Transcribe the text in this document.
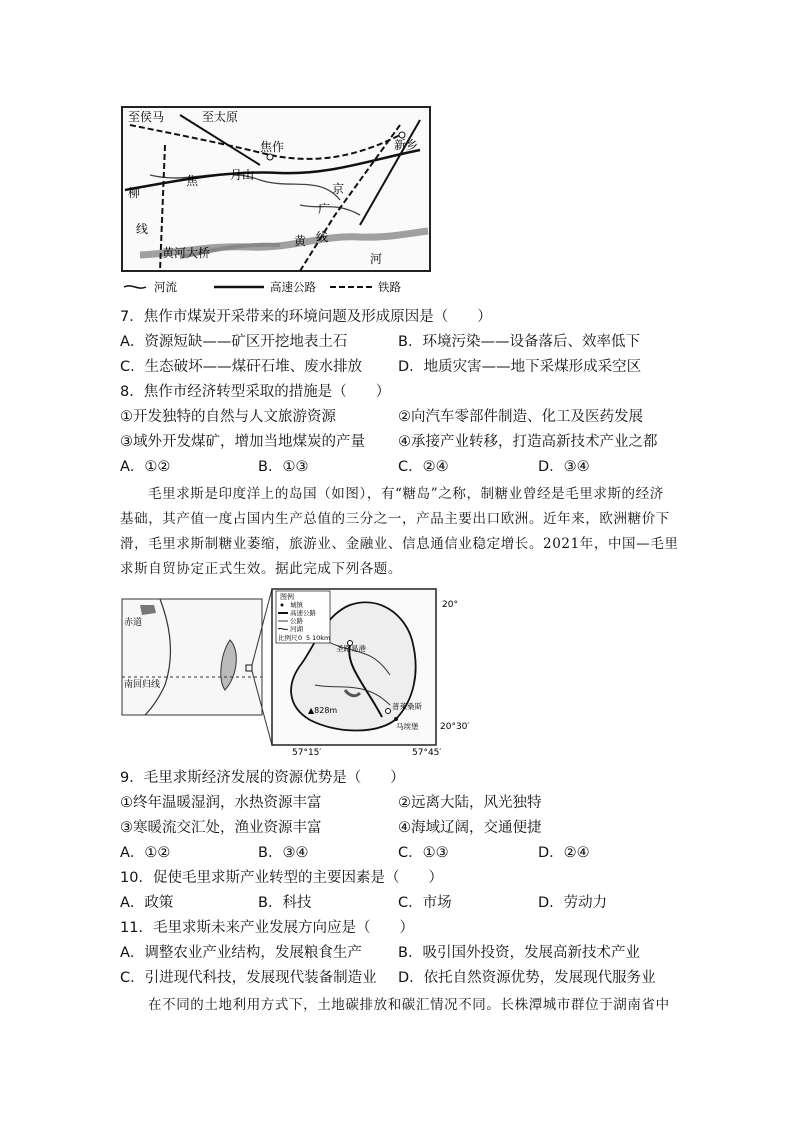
至侯马	至太原
焦作	新乡
焦	月山
柳
线
京
广
线
黄
河
黄河大桥
河流	高速公路	铁路
7．焦作市煤炭开采带来的环境问题及形成原因是（　　）
A．资源短缺——矿区开挖地表土石	B．环境污染——设备落后、效率低下
C．生态破坏——煤矸石堆、废水排放 D．地质灾害——地下采煤形成采空区
8．焦作市经济转型采取的措施是（　　）
①开发独特的自然与人文旅游资源	②向汽车零部件制造、化工及医药发展
③域外开发煤矿，增加当地煤炭的产量 ④承接产业转移，打造高新技术产业之都
A．①②	B．①③	C．②④	D．③④
毛里求斯是印度洋上的岛国（如图），有“糖岛”之称，制糖业曾经是毛里求斯的经济
基础，其产值一度占国内生产总值的三分之一，产品主要出口欧洲。近年来，欧洲糖价下
滑，毛里求斯制糖业萎缩，旅游业、金融业、信息通信业稳定增长。2021年，中国—毛里
求斯自贸协定正式生效。据此完成下列各题。
赤道
南回归线
图例
城镇
高速公路
公路
河湖
比例尺 0 5 10km
圣路易港
普莱桑斯
马埃堡
▲828m
20°
20°30′
57°15′	57°45′
9．毛里求斯经济发展的资源优势是（　　）
①终年温暖湿润，水热资源丰富	②远离大陆，风光独特
③寒暖流交汇处，渔业资源丰富	④海域辽阔，交通便捷
A．①②	B．③④	C．①③	D．②④
10．促使毛里求斯产业转型的主要因素是（　　）
A．政策	B．科技	C．市场	D．劳动力
11．毛里求斯未来产业发展方向应是（　　）
A．调整农业产业结构，发展粮食生产 B．吸引国外投资，发展高新技术产业
C．引进现代科技，发展现代装备制造业 D．依托自然资源优势，发展现代服务业
在不同的土地利用方式下，土地碳排放和碳汇情况不同。长株潭城市群位于湖南省中
